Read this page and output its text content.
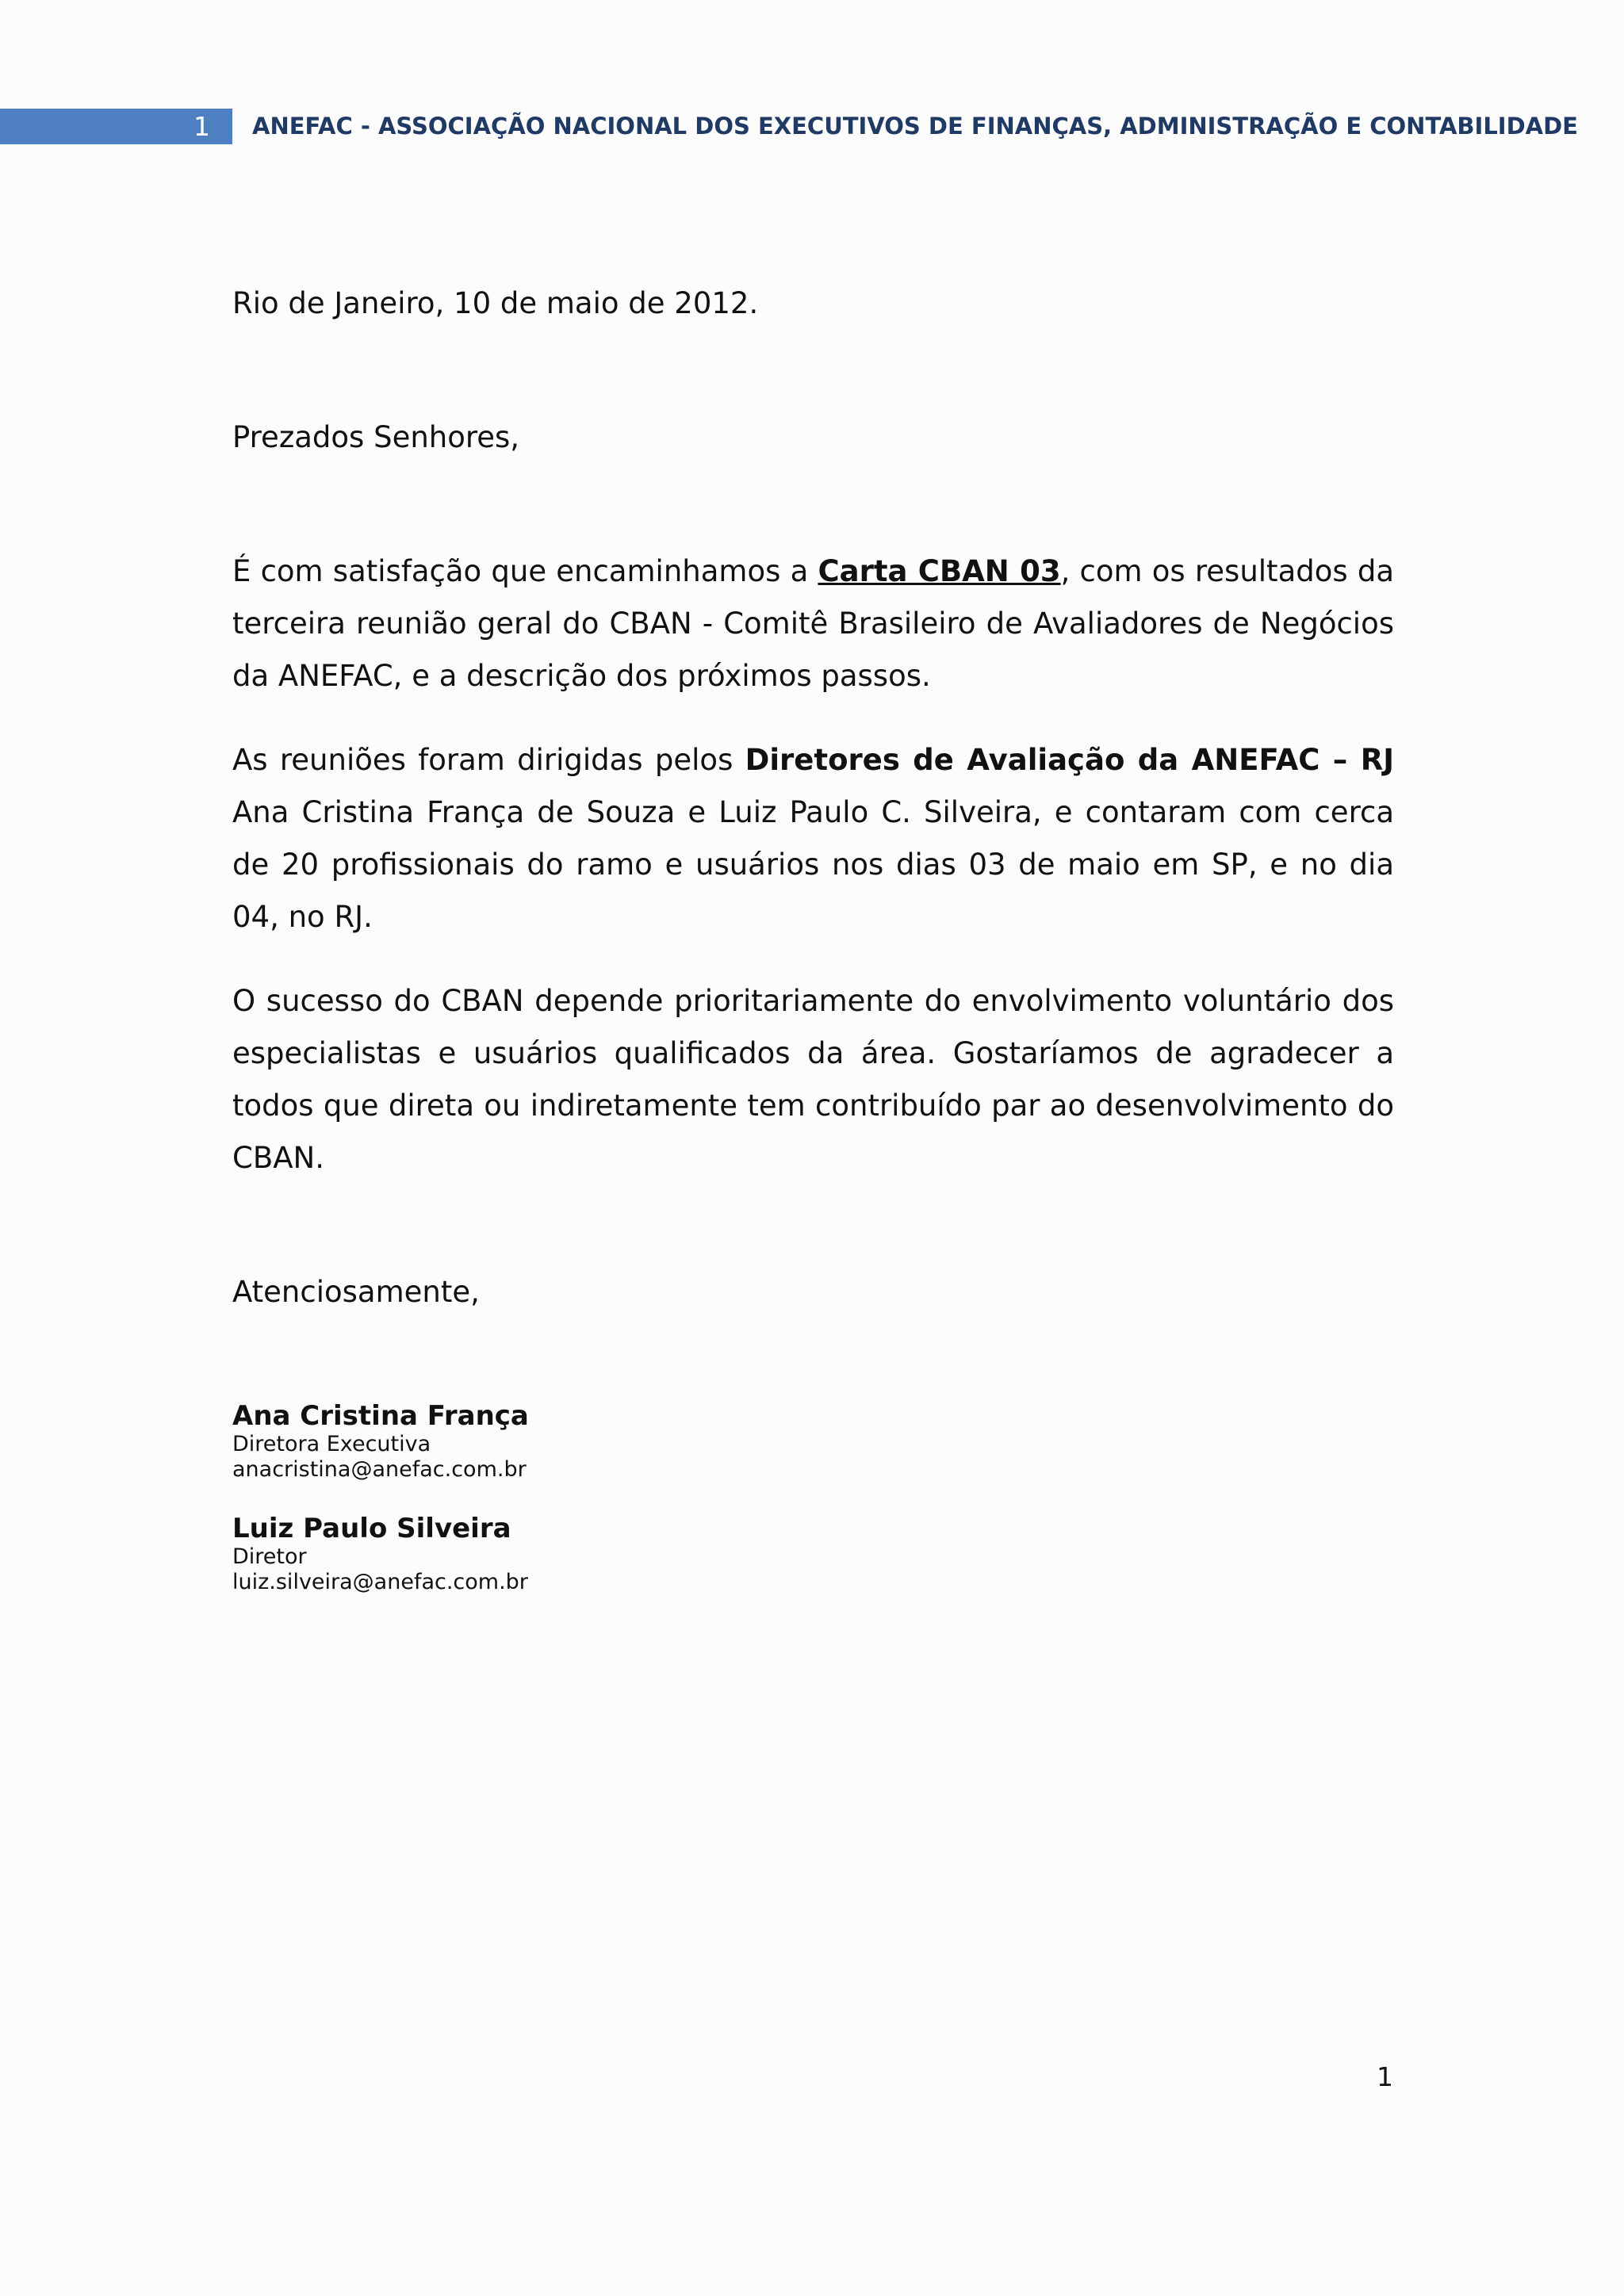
1 ANEFAC - ASSOCIAÇÃO NACIONAL DOS EXECUTIVOS DE FINANÇAS, ADMINISTRAÇÃO E CONTABILIDADE

Rio de Janeiro, 10 de maio de 2012.

Prezados Senhores,

É com satisfação que encaminhamos a Carta CBAN 03, com os resultados da terceira reunião geral do CBAN - Comitê Brasileiro de Avaliadores de Negócios da ANEFAC, e a descrição dos próximos passos.

As reuniões foram dirigidas pelos Diretores de Avaliação da ANEFAC – RJ Ana Cristina França de Souza e Luiz Paulo C. Silveira, e contaram com cerca de 20 profissionais do ramo e usuários nos dias 03 de maio em SP, e no dia 04, no RJ.

O sucesso do CBAN depende prioritariamente do envolvimento voluntário dos especialistas e usuários qualificados da área. Gostaríamos de agradecer a todos que direta ou indiretamente tem contribuído par ao desenvolvimento do CBAN.

Atenciosamente,

Ana Cristina França
Diretora Executiva
anacristina@anefac.com.br
Luiz Paulo Silveira
Diretor
luiz.silveira@anefac.com.br
1
